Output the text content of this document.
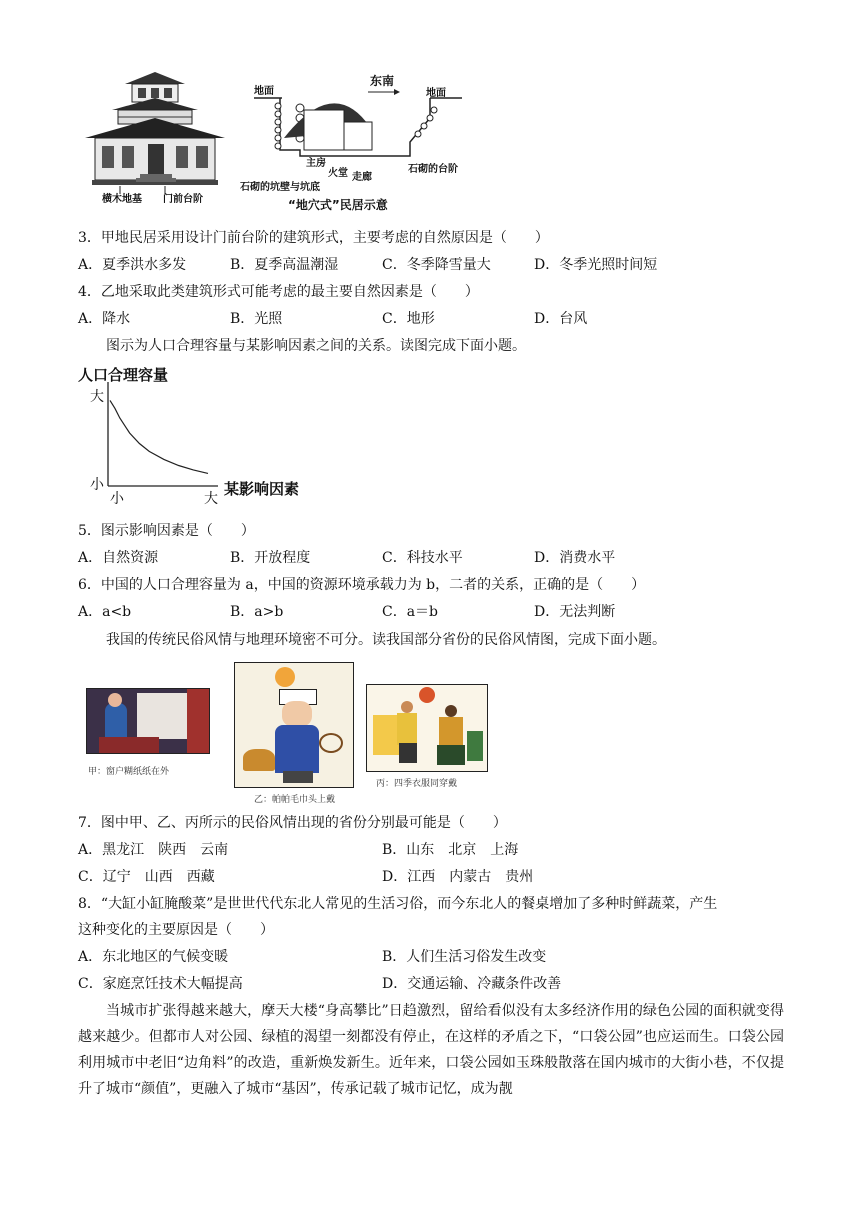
横木地基 门前台阶
地面	地面
东南
主房
火堂 走廊
石砌的坑壁与坑底
石砌的台阶
“地穴式”民居示意
3．甲地民居采用设计门前台阶的建筑形式，主要考虑的自然原因是（　　）
A．夏季洪水多发	B．夏季高温潮湿	C．冬季降雪量大	D．冬季光照时间短
4．乙地采取此类建筑形式可能考虑的最主要自然因素是（　　）
A．降水	B．光照	C．地形	D．台风
图示为人口合理容量与某影响因素之间的关系。读图完成下面小题。
人口合理容量
大
小
小	大
某影响因素
5．图示影响因素是（　　）
A．自然资源	B．开放程度	C．科技水平	D．消费水平
6．中国的人口合理容量为 a，中国的资源环境承载力为 b，二者的关系，正确的是（　　）
A．a<b	B．a>b	C．a＝b	D．无法判断
我国的传统民俗风情与地理环境密不可分。读我国部分省份的民俗风情图，完成下面小题。
甲：窗户糊纸纸在外
乙：帕帕毛巾头上戴
丙：四季衣服同穿戴
7．图中甲、乙、丙所示的民俗风情出现的省份分别最可能是（　　）
A．黑龙江　陕西　云南	B．山东　北京　上海
C．辽宁　山西　西藏	D．江西　内蒙古　贵州
8．“大缸小缸腌酸菜”是世世代代东北人常见的生活习俗，而今东北人的餐桌增加了多种时鲜蔬菜，产生
这种变化的主要原因是（　　）
A．东北地区的气候变暖	B．人们生活习俗发生改变
C．家庭烹饪技术大幅提高	D．交通运输、冷藏条件改善
当城市扩张得越来越大，摩天大楼“身高攀比”日趋激烈，留给看似没有太多经济作用的绿色公园的面积就变得越来越少。但都市人对公园、绿植的渴望一刻都没有停止，在这样的矛盾之下，“口袋公园”也应运而生。口袋公园利用城市中老旧“边角料”的改造，重新焕发新生。近年来，口袋公园如玉珠般散落在国内城市的大街小巷，不仅提升了城市“颜值”，更融入了城市“基因”，传承记载了城市记忆，成为靓
